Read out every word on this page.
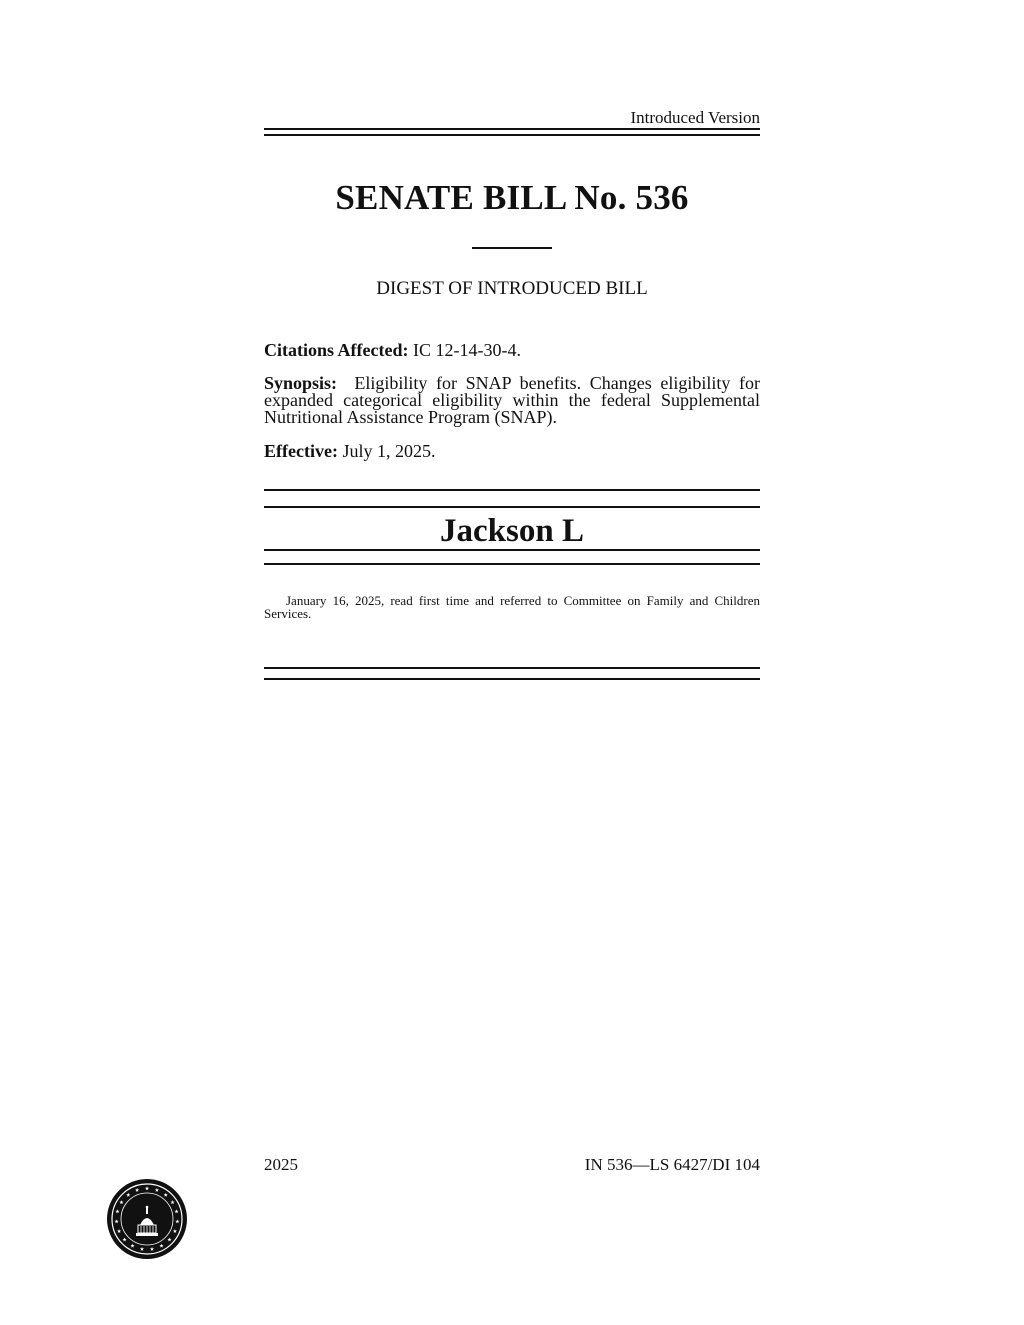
Introduced Version
SENATE BILL No. 536
DIGEST OF INTRODUCED BILL
Citations Affected: IC 12-14-30-4.
Synopsis: Eligibility for SNAP benefits. Changes eligibility for expanded categorical eligibility within the federal Supplemental Nutritional Assistance Program (SNAP).
Effective: July 1, 2025.
Jackson L
January 16, 2025, read first time and referred to Committee on Family and Children Services.
2025	IN 536—LS 6427/DI 104
